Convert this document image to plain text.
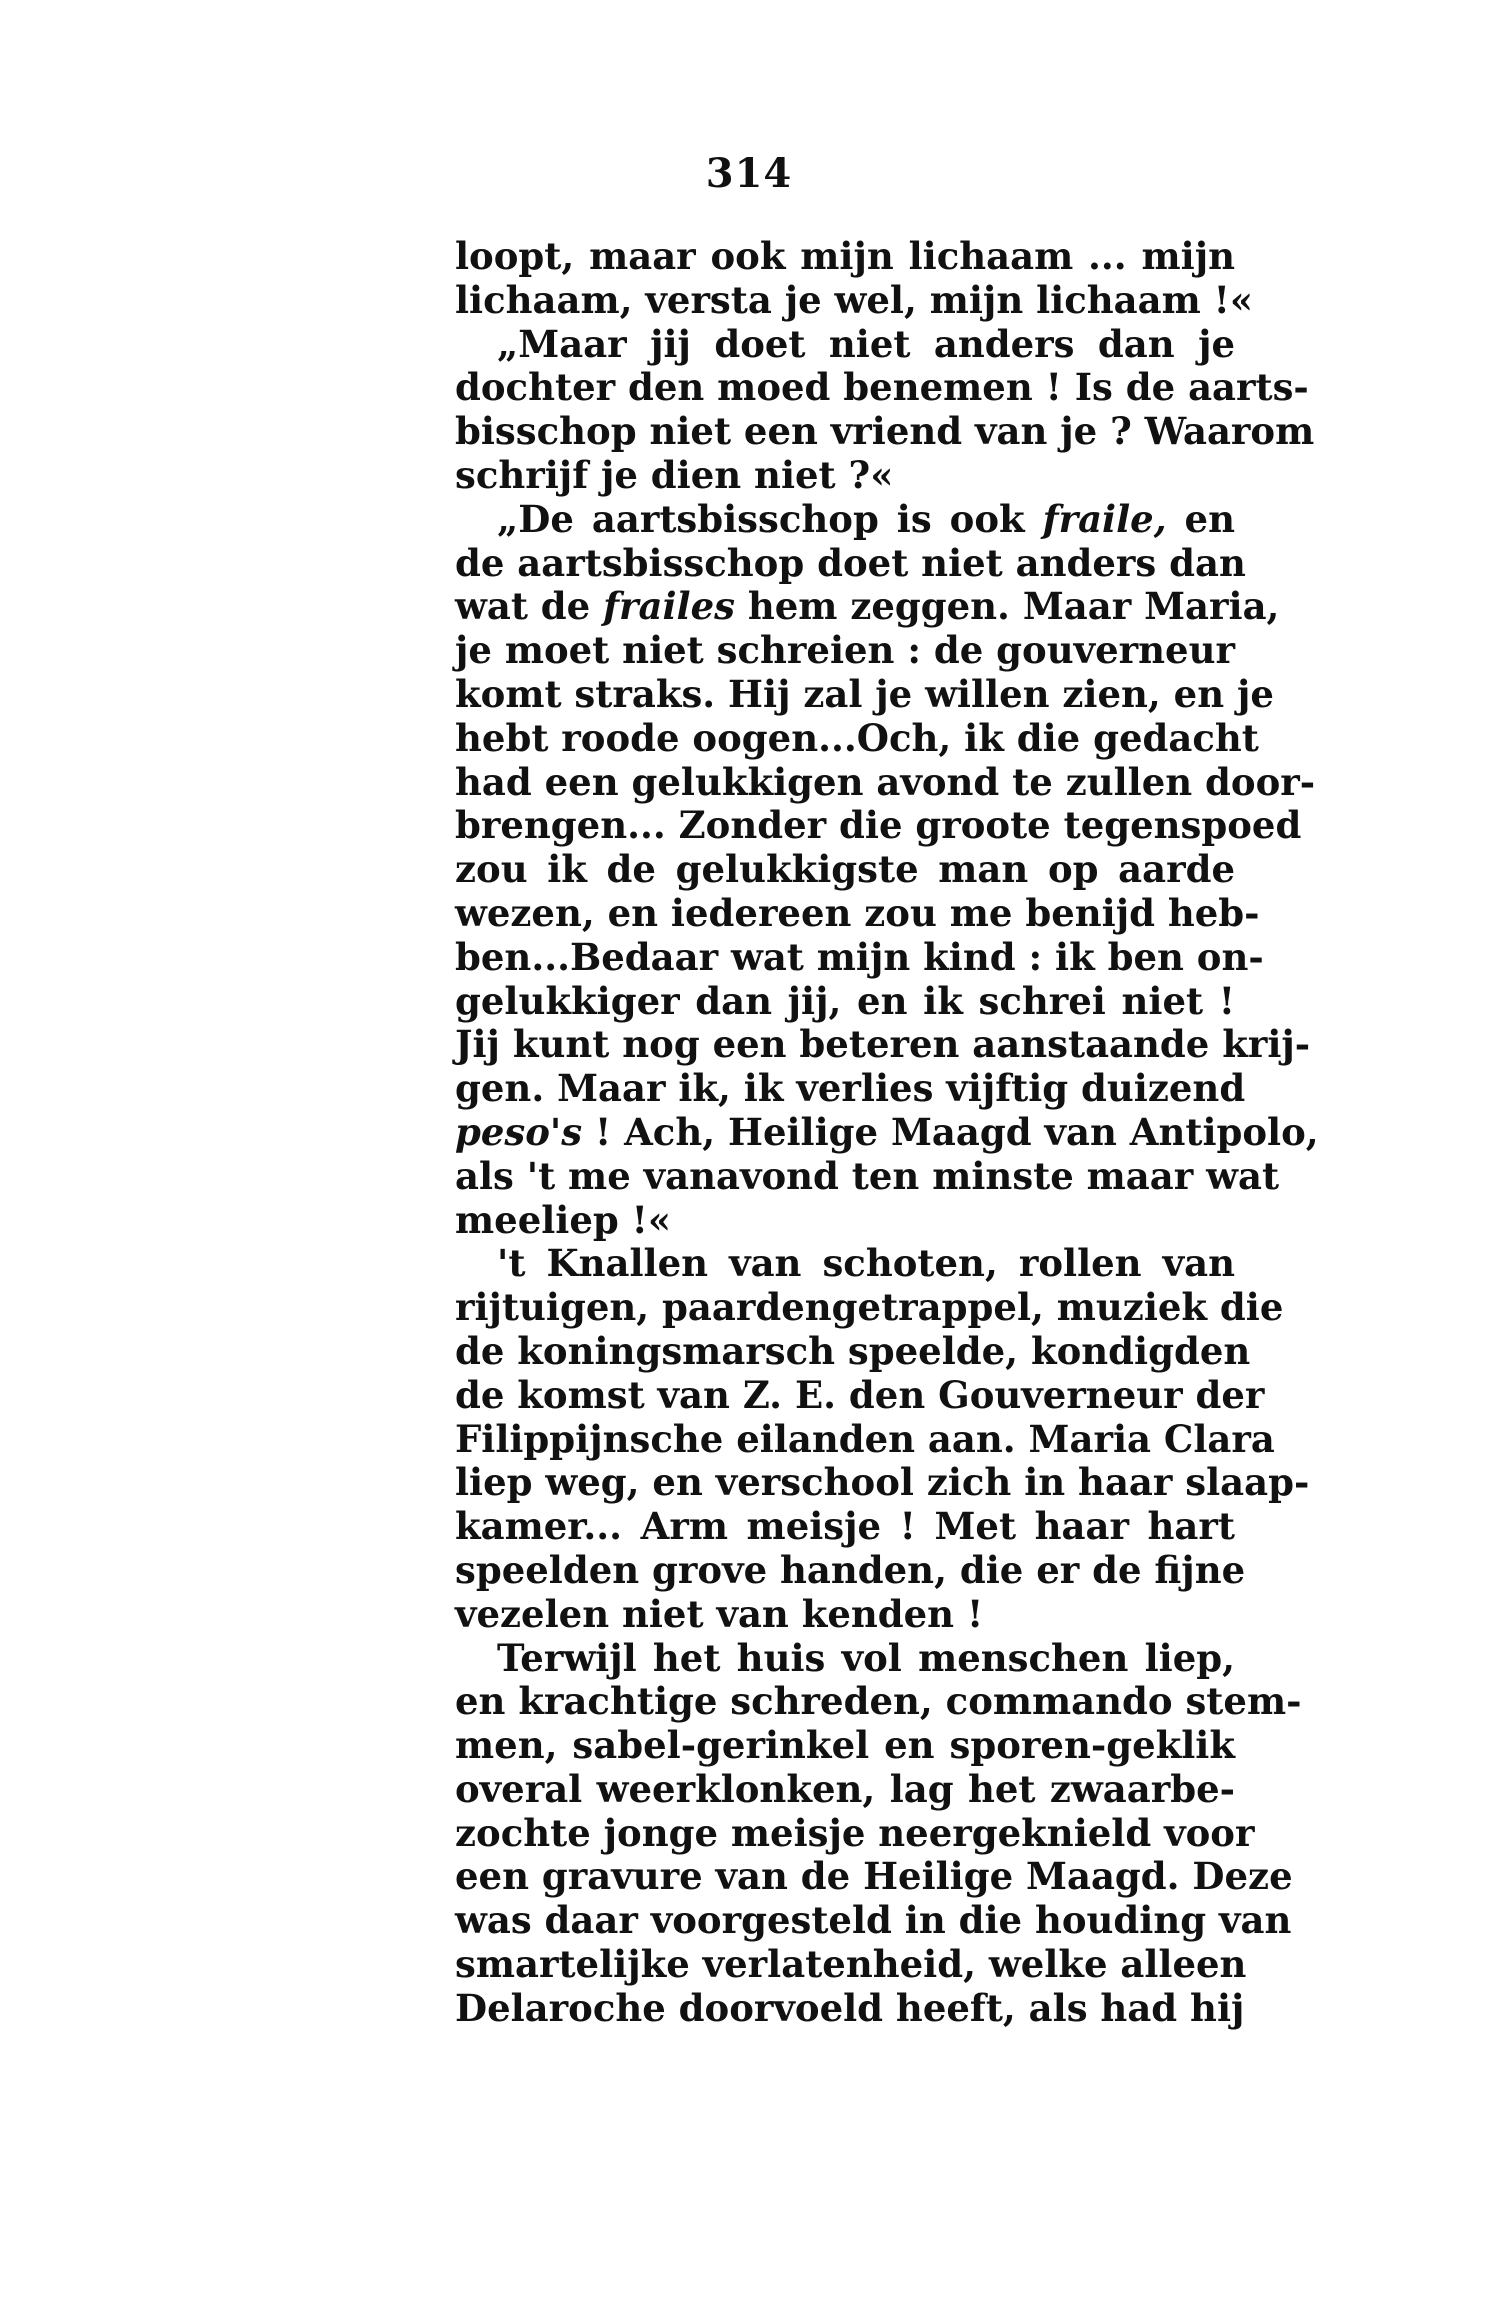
314
loopt, maar ook mijn lichaam ... mijn
lichaam, versta je wel, mijn lichaam !«
„Maar jij doet niet anders dan je
dochter den moed benemen ! Is de aarts-
bisschop niet een vriend van je ? Waarom
schrijf je dien niet ?«
„De aartsbisschop is ook fraile, en
de aartsbisschop doet niet anders dan
wat de frailes hem zeggen. Maar Maria,
je moet niet schreien : de gouverneur
komt straks. Hij zal je willen zien, en je
hebt roode oogen...Och, ik die gedacht
had een gelukkigen avond te zullen door-
brengen... Zonder die groote tegenspoed
zou ik de gelukkigste man op aarde
wezen, en iedereen zou me benijd heb-
ben...Bedaar wat mijn kind : ik ben on-
gelukkiger dan jij, en ik schrei niet !
Jij kunt nog een beteren aanstaande krij-
gen. Maar ik, ik verlies vijftig duizend
peso's ! Ach, Heilige Maagd van Antipolo,
als 't me vanavond ten minste maar wat
meeliep !«
't Knallen van schoten, rollen van
rijtuigen, paardengetrappel, muziek die
de koningsmarsch speelde, kondigden
de komst van Z. E. den Gouverneur der
Filippijnsche eilanden aan. Maria Clara
liep weg, en verschool zich in haar slaap-
kamer... Arm meisje ! Met haar hart
speelden grove handen, die er de fijne
vezelen niet van kenden !
Terwijl het huis vol menschen liep,
en krachtige schreden, commando stem-
men, sabel-gerinkel en sporen-geklik
overal weerklonken, lag het zwaarbe-
zochte jonge meisje neergeknield voor
een gravure van de Heilige Maagd. Deze
was daar voorgesteld in die houding van
smartelijke verlatenheid, welke alleen
Delaroche doorvoeld heeft, als had hij
